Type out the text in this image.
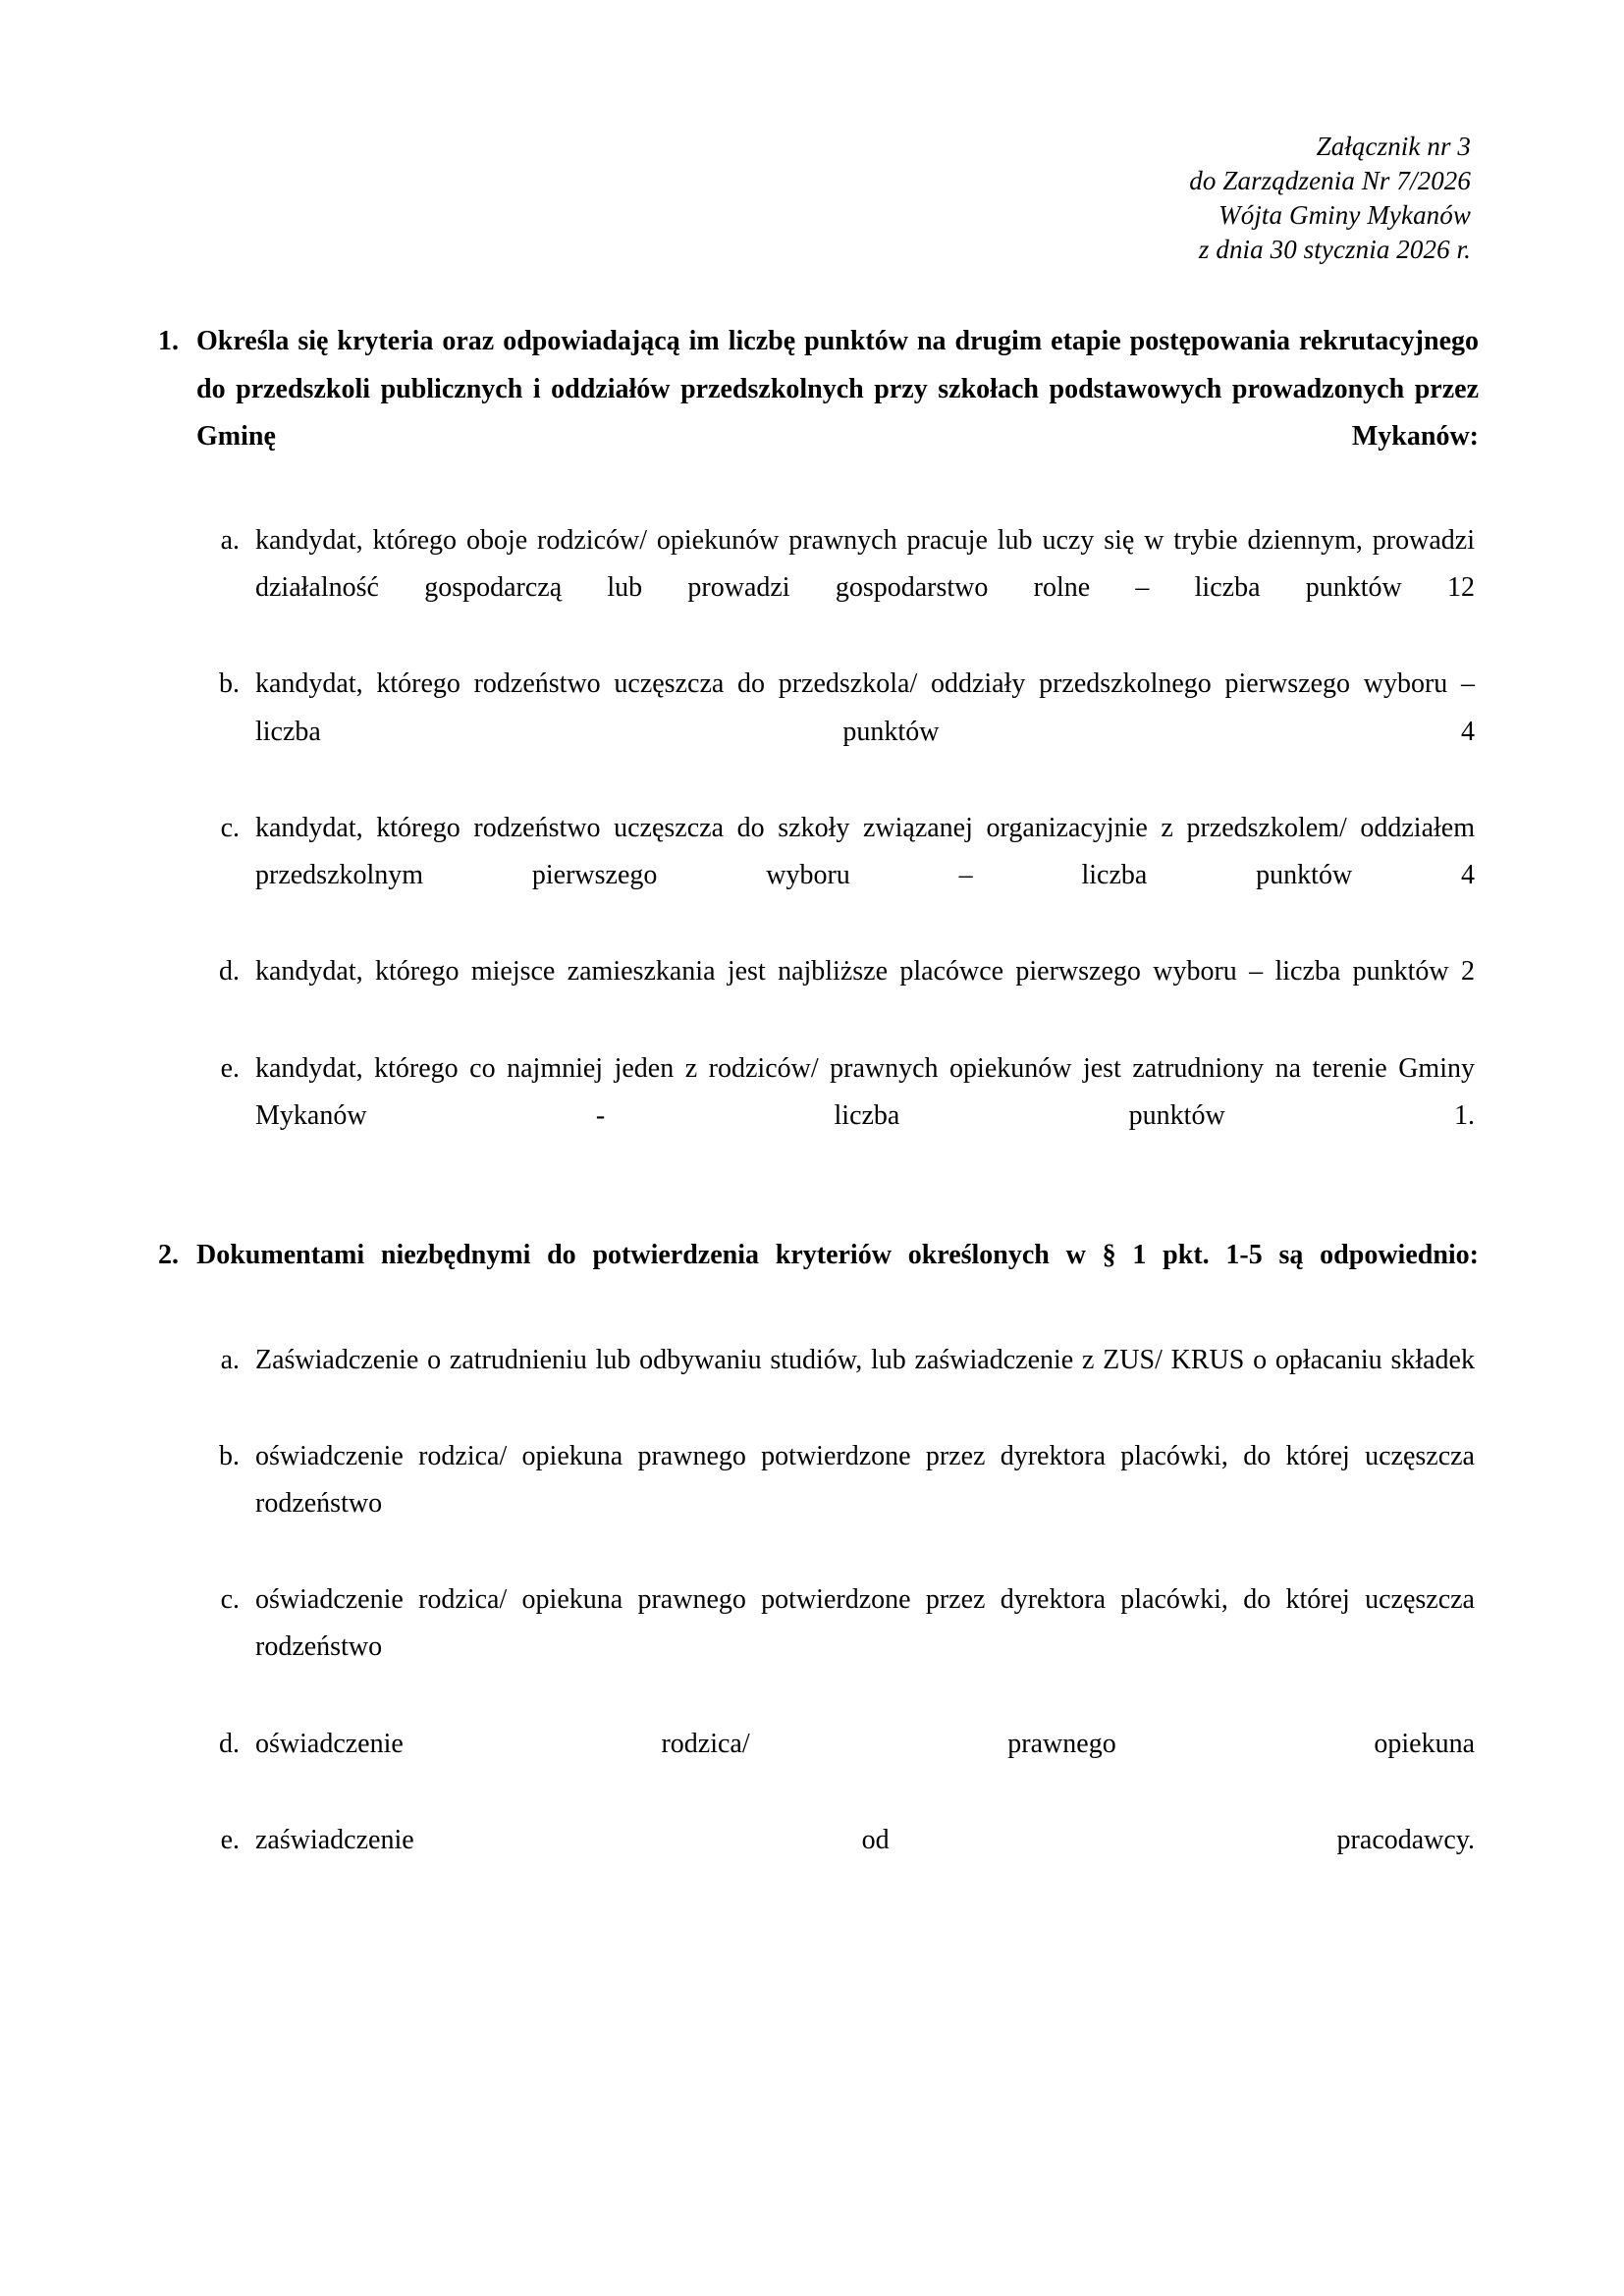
Załącznik nr 3
do Zarządzenia Nr 7/2026
Wójta Gminy Mykanów
z dnia 30 stycznia 2026 r.
1. Określa się kryteria oraz odpowiadającą im liczbę punktów na drugim etapie postępowania rekrutacyjnego do przedszkoli publicznych i oddziałów przedszkolnych przy szkołach podstawowych prowadzonych przez Gminę Mykanów:
a. kandydat, którego oboje rodziców/ opiekunów prawnych pracuje lub uczy się w trybie dziennym, prowadzi działalność gospodarczą lub prowadzi gospodarstwo rolne – liczba punktów 12
b. kandydat, którego rodzeństwo uczęszcza do przedszkola/ oddziały przedszkolnego pierwszego wyboru – liczba punktów 4
c. kandydat, którego rodzeństwo uczęszcza do szkoły związanej organizacyjnie z przedszkolem/ oddziałem przedszkolnym pierwszego wyboru – liczba punktów 4
d. kandydat, którego miejsce zamieszkania jest najbliższe placówce pierwszego wyboru – liczba punktów 2
e. kandydat, którego co najmniej jeden z rodziców/ prawnych opiekunów jest zatrudniony na terenie Gminy Mykanów - liczba punktów 1.
2. Dokumentami niezbędnymi do potwierdzenia kryteriów określonych w § 1 pkt. 1-5 są odpowiednio:
a. Zaświadczenie o zatrudnieniu lub odbywaniu studiów, lub zaświadczenie z ZUS/ KRUS o opłacaniu składek
b. oświadczenie rodzica/ opiekuna prawnego potwierdzone przez dyrektora placówki, do której uczęszcza rodzeństwo
c. oświadczenie rodzica/ opiekuna prawnego potwierdzone przez dyrektora placówki, do której uczęszcza rodzeństwo
d. oświadczenie rodzica/ prawnego opiekuna
e. zaświadczenie od pracodawcy.
